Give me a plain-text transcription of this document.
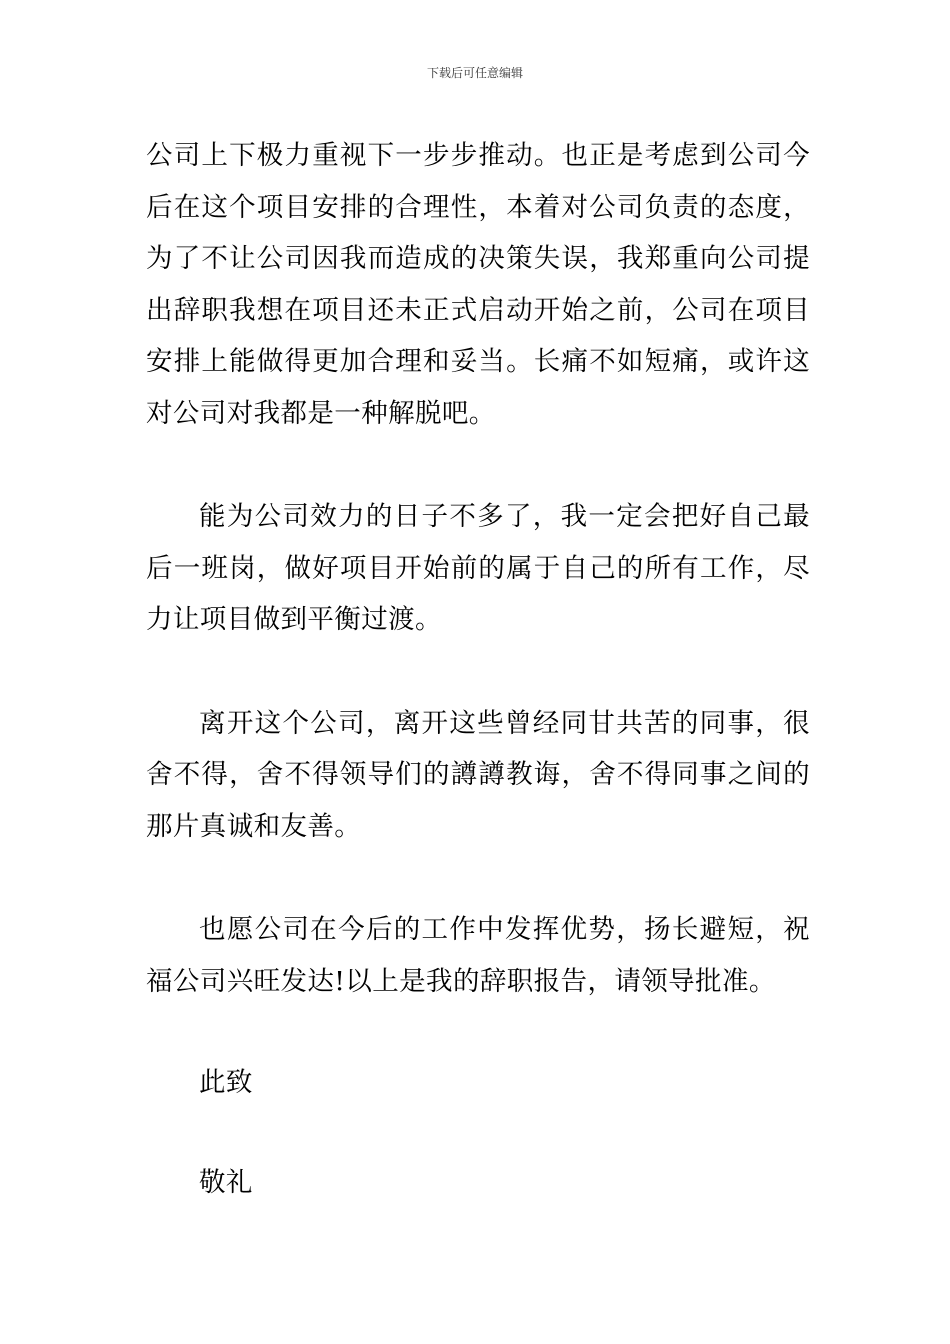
下载后可任意编辑

公司上下极力重视下一步步推动。也正是考虑到公司今后在这个项目安排的合理性，本着对公司负责的态度，为了不让公司因我而造成的决策失误，我郑重向公司提出辞职我想在项目还未正式启动开始之前，公司在项目安排上能做得更加合理和妥当。长痛不如短痛，或许这对公司对我都是一种解脱吧。

能为公司效力的日子不多了，我一定会把好自己最后一班岗，做好项目开始前的属于自己的所有工作，尽力让项目做到平衡过渡。

离开这个公司，离开这些曾经同甘共苦的同事，很舍不得，舍不得领导们的譐譐教诲，舍不得同事之间的那片真诚和友善。

也愿公司在今后的工作中发挥优势，扬长避短，祝福公司兴旺发达!以上是我的辞职报告，请领导批准。

此致

敬礼
